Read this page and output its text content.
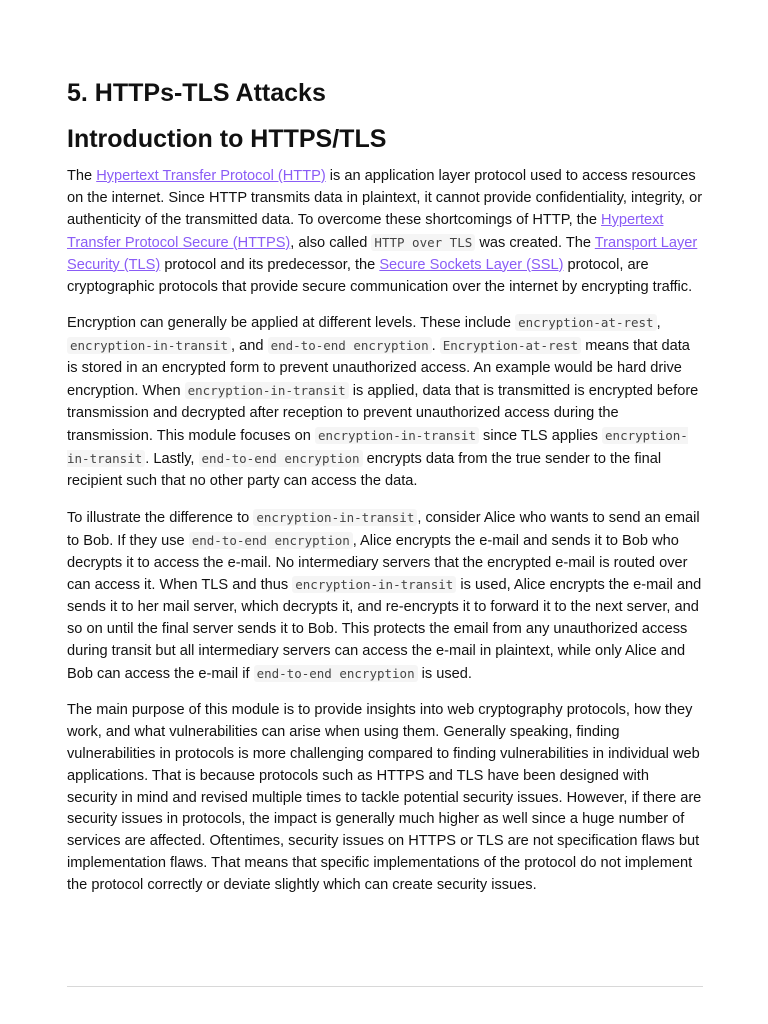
5. HTTPs-TLS Attacks
Introduction to HTTPS/TLS

The Hypertext Transfer Protocol (HTTP) is an application layer protocol used to access resources on the internet. Since HTTP transmits data in plaintext, it cannot provide confidentiality, integrity, or authenticity of the transmitted data. To overcome these shortcomings of HTTP, the Hypertext Transfer Protocol Secure (HTTPS), also called HTTP over TLS was created. The Transport Layer Security (TLS) protocol and its predecessor, the Secure Sockets Layer (SSL) protocol, are cryptographic protocols that provide secure communication over the internet by encrypting traffic.

Encryption can generally be applied at different levels. These include encryption-at-rest , encryption-in-transit , and end-to-end encryption . Encryption-at-rest means that data is stored in an encrypted form to prevent unauthorized access. An example would be hard drive encryption. When encryption-in-transit is applied, data that is transmitted is encrypted before transmission and decrypted after reception to prevent unauthorized access during the transmission. This module focuses on encryption-in-transit since TLS applies encryption-in-transit . Lastly, end-to-end encryption encrypts data from the true sender to the final recipient such that no other party can access the data.

To illustrate the difference to encryption-in-transit , consider Alice who wants to send an email to Bob. If they use end-to-end encryption , Alice encrypts the e-mail and sends it to Bob who decrypts it to access the e-mail. No intermediary servers that the encrypted e-mail is routed over can access it. When TLS and thus encryption-in-transit is used, Alice encrypts the e-mail and sends it to her mail server, which decrypts it, and re-encrypts it to forward it to the next server, and so on until the final server sends it to Bob. This protects the email from any unauthorized access during transit but all intermediary servers can access the e-mail in plaintext, while only Alice and Bob can access the e-mail if end-to-end encryption is used.

The main purpose of this module is to provide insights into web cryptography protocols, how they work, and what vulnerabilities can arise when using them. Generally speaking, finding vulnerabilities in protocols is more challenging compared to finding vulnerabilities in individual web applications. That is because protocols such as HTTPS and TLS have been designed with security in mind and revised multiple times to tackle potential security issues. However, if there are security issues in protocols, the impact is generally much higher as well since a huge number of services are affected. Oftentimes, security issues on HTTPS or TLS are not specification flaws but implementation flaws. That means that specific implementations of the protocol do not implement the protocol correctly or deviate slightly which can create security issues.
